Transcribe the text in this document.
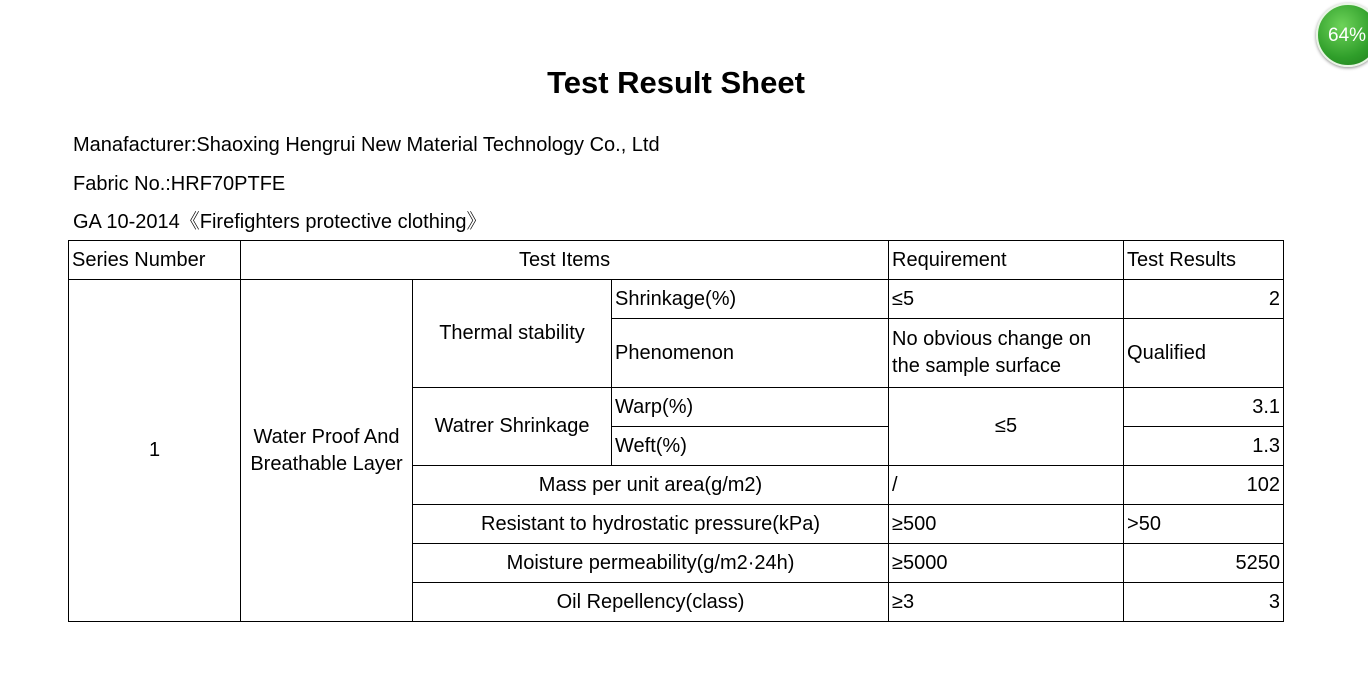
Test Result Sheet
Manafacturer:Shaoxing Hengrui New Material Technology Co., Ltd
Fabric No.:HRF70PTFE
GA 10-2014《Firefighters protective clothing》
Series Number	Test Items			Requirement	Test Results
1	Water Proof And Breathable Layer	Thermal stability	Shrinkage(%)	≤5	2
			Phenomenon	No obvious change on the sample surface	Qualified
		Watrer Shrinkage	Warp(%)	≤5	3.1
			Weft(%)		1.3
		Mass per unit area(g/m2)		/	102
		Resistant to hydrostatic pressure(kPa)		≥500	>50
		Moisture permeability(g/m2·24h)		≥5000	5250
		Oil Repellency(class)		≥3	3
64%
